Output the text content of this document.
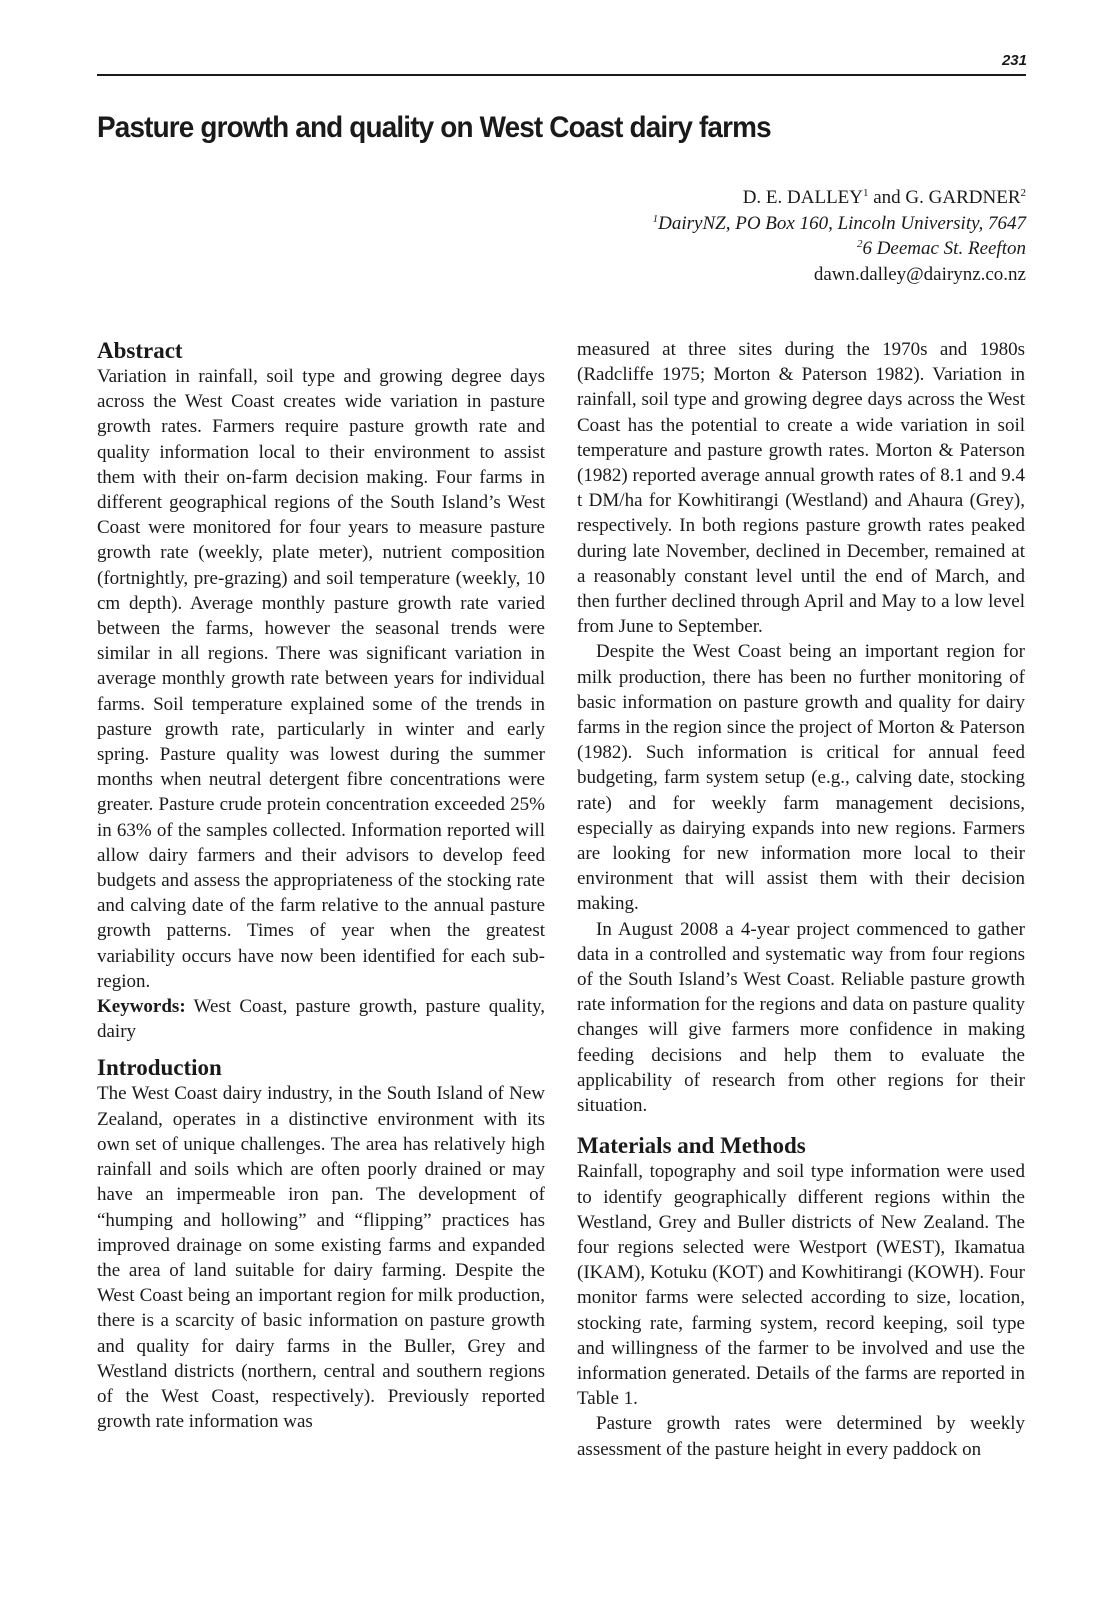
231
Pasture growth and quality on West Coast dairy farms
D. E. DALLEY$^1$ and G. GARDNER$^2$
$^1$DairyNZ, PO Box 160, Lincoln University, 7647
$^2$6 Deemac St. Reefton
dawn.dalley@dairynz.co.nz
Abstract

Variation in rainfall, soil type and growing degree days across the West Coast creates wide variation in pasture growth rates. Farmers require pasture growth rate and quality information local to their environment to assist them with their on-farm decision making. Four farms in different geographical regions of the South Island’s West Coast were monitored for four years to measure pasture growth rate (weekly, plate meter), nutrient composition (fortnightly, pre-grazing) and soil temperature (weekly, 10 cm depth). Average monthly pasture growth rate varied between the farms, however the seasonal trends were similar in all regions. There was significant variation in average monthly growth rate between years for individual farms. Soil temperature explained some of the trends in pasture growth rate, particularly in winter and early spring. Pasture quality was lowest during the summer months when neutral detergent fibre concentrations were greater. Pasture crude protein concentration exceeded 25% in 63% of the samples collected. Information reported will allow dairy farmers and their advisors to develop feed budgets and assess the appropriateness of the stocking rate and calving date of the farm relative to the annual pasture growth patterns. Times of year when the greatest variability occurs have now been identified for each sub-region.

Keywords: West Coast, pasture growth, pasture quality, dairy

Introduction

The West Coast dairy industry, in the South Island of New Zealand, operates in a distinctive environment with its own set of unique challenges. The area has relatively high rainfall and soils which are often poorly drained or may have an impermeable iron pan. The development of “humping and hollowing” and “flipping” practices has improved drainage on some existing farms and expanded the area of land suitable for dairy farming. Despite the West Coast being an important region for milk production, there is a scarcity of basic information on pasture growth and quality for dairy farms in the Buller, Grey and Westland districts (northern, central and southern regions of the West Coast, respectively). Previously reported growth rate information was

measured at three sites during the 1970s and 1980s (Radcliffe 1975; Morton & Paterson 1982). Variation in rainfall, soil type and growing degree days across the West Coast has the potential to create a wide variation in soil temperature and pasture growth rates. Morton & Paterson (1982) reported average annual growth rates of 8.1 and 9.4 t DM/ha for Kowhitirangi (Westland) and Ahaura (Grey), respectively. In both regions pasture growth rates peaked during late November, declined in December, remained at a reasonably constant level until the end of March, and then further declined through April and May to a low level from June to September.

Despite the West Coast being an important region for milk production, there has been no further monitoring of basic information on pasture growth and quality for dairy farms in the region since the project of Morton & Paterson (1982). Such information is critical for annual feed budgeting, farm system setup (e.g., calving date, stocking rate) and for weekly farm management decisions, especially as dairying expands into new regions. Farmers are looking for new information more local to their environment that will assist them with their decision making.

In August 2008 a 4-year project commenced to gather data in a controlled and systematic way from four regions of the South Island’s West Coast. Reliable pasture growth rate information for the regions and data on pasture quality changes will give farmers more confidence in making feeding decisions and help them to evaluate the applicability of research from other regions for their situation.

Materials and Methods

Rainfall, topography and soil type information were used to identify geographically different regions within the Westland, Grey and Buller districts of New Zealand. The four regions selected were Westport (WEST), Ikamatua (IKAM), Kotuku (KOT) and Kowhitirangi (KOWH). Four monitor farms were selected according to size, location, stocking rate, farming system, record keeping, soil type and willingness of the farmer to be involved and use the information generated. Details of the farms are reported in Table 1.

Pasture growth rates were determined by weekly assessment of the pasture height in every paddock on
